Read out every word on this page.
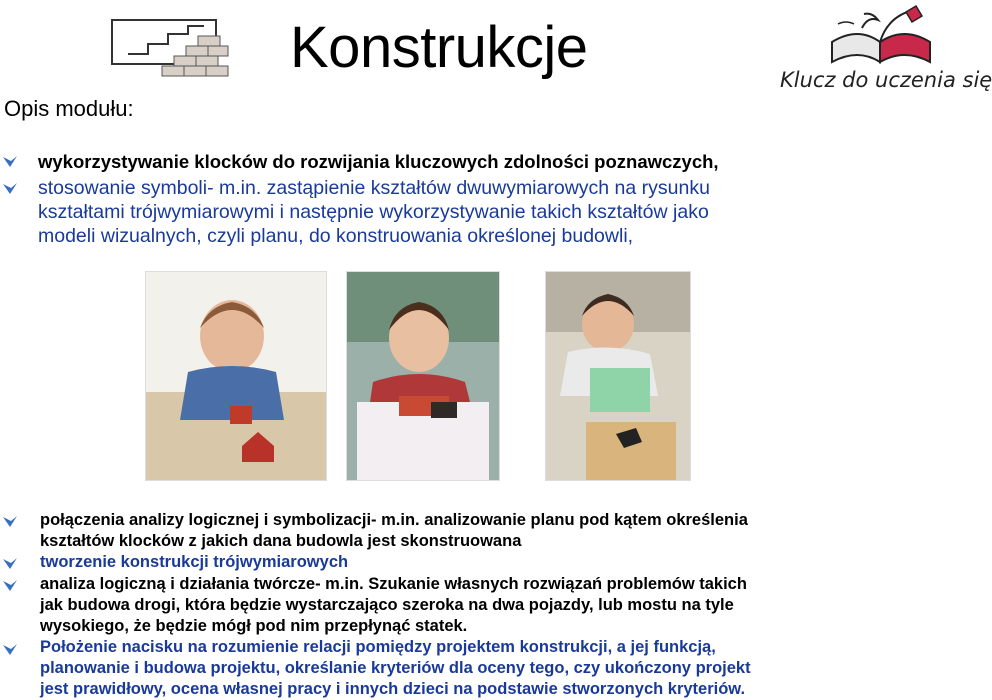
Konstrukcje
Opis modułu:
Klucz do uczenia się
wykorzystywanie klocków do rozwijania kluczowych zdolności poznawczych,
stosowanie symboli- m.in. zastąpienie kształtów dwuwymiarowych na rysunku
kształtami trójwymiarowymi i następnie wykorzystywanie takich kształtów jako
modeli wizualnych, czyli planu, do konstruowania określonej budowli,
połączenia analizy logicznej i symbolizacji- m.in. analizowanie planu pod kątem określenia
kształtów klocków z jakich dana budowla jest skonstruowana
tworzenie konstrukcji trójwymiarowych
analiza logiczną i działania twórcze- m.in. Szukanie własnych rozwiązań problemów takich
jak budowa drogi, która będzie wystarczająco szeroka na dwa pojazdy, lub mostu na tyle
wysokiego, że będzie mógł pod nim przepłynąć statek.
Położenie nacisku na rozumienie relacji pomiędzy projektem konstrukcji, a jej funkcją,
planowanie i budowa projektu, określanie kryteriów dla oceny tego, czy ukończony projekt
jest prawidłowy, ocena własnej pracy i innych dzieci na podstawie stworzonych kryteriów.
